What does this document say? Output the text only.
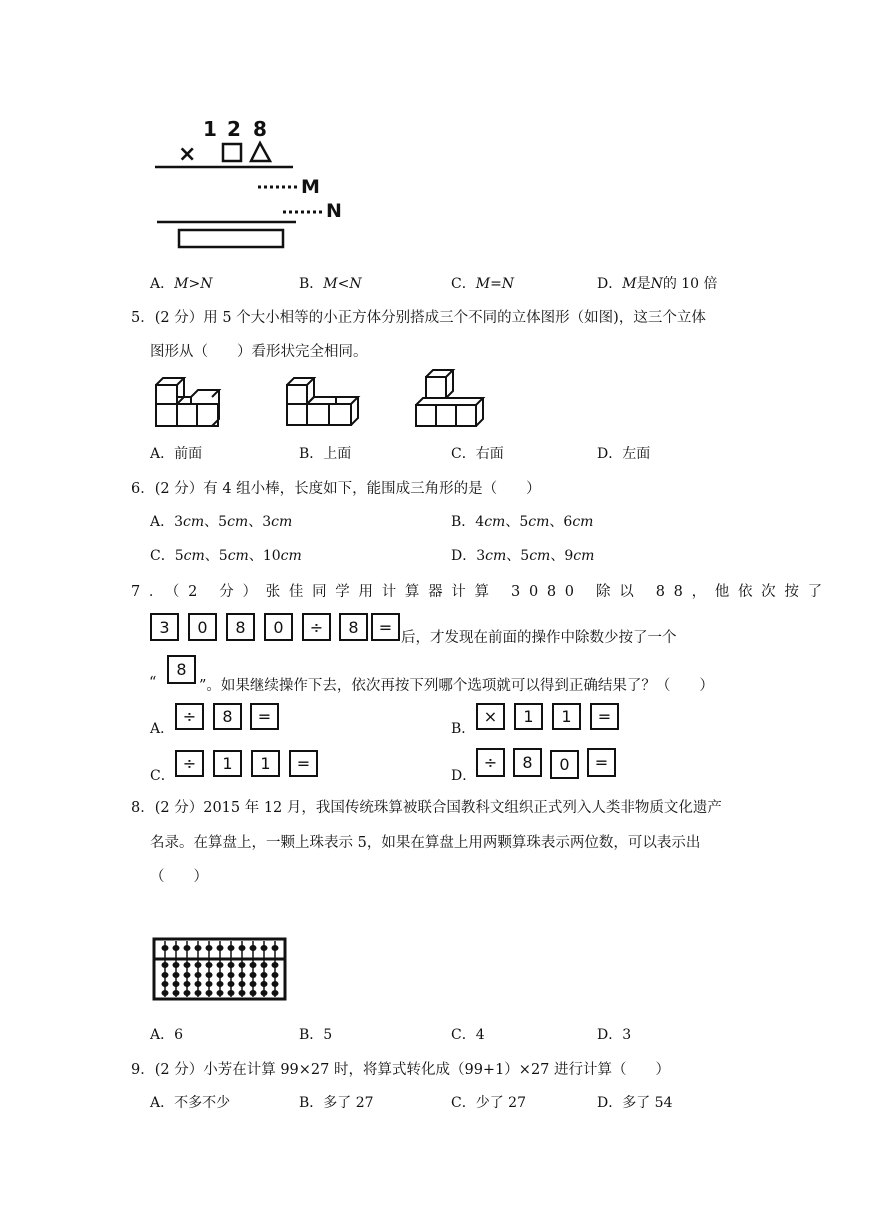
1 2 8
×
M
N
A．M>N	B．M<N	C．M=N	D．M是N的 10 倍
5．(2 分）用 5 个大小相等的小正方体分别搭成三个不同的立体图形（如图)，这三个立体
图形从（　　）看形状完全相同。
A．前面	B．上面	C．右面	D．左面
6．(2 分）有 4 组小棒，长度如下，能围成三角形的是（　　）
A．3cm、5cm、3cm	B．4cm、5cm、6cm
C．5cm、5cm、10cm	D．3cm、5cm、9cm
7．（2 分）张佳同学用计算器计算 3080 除以 88，他依次按了
3	0	8	0	÷	8	=
后，才发现在前面的操作中除数少按了一个
“
8
”。如果继续操作下去，依次再按下列哪个选项就可以得到正确结果了？（　　）
A．
÷	8	=
B．
×	1	1	=
C．
÷	1	1	=
D．
÷	8	0	=
8．(2 分）2015 年 12 月，我国传统珠算被联合国教科文组织正式列入人类非物质文化遗产
名录。在算盘上，一颗上珠表示 5，如果在算盘上用两颗算珠表示两位数，可以表示出
（　　）
A．6	B．5	C．4	D．3
9．(2 分）小芳在计算 99×27 时，将算式转化成（99+1）×27 进行计算（　　）
A．不多不少	B．多了 27	C．少了 27	D．多了 54
